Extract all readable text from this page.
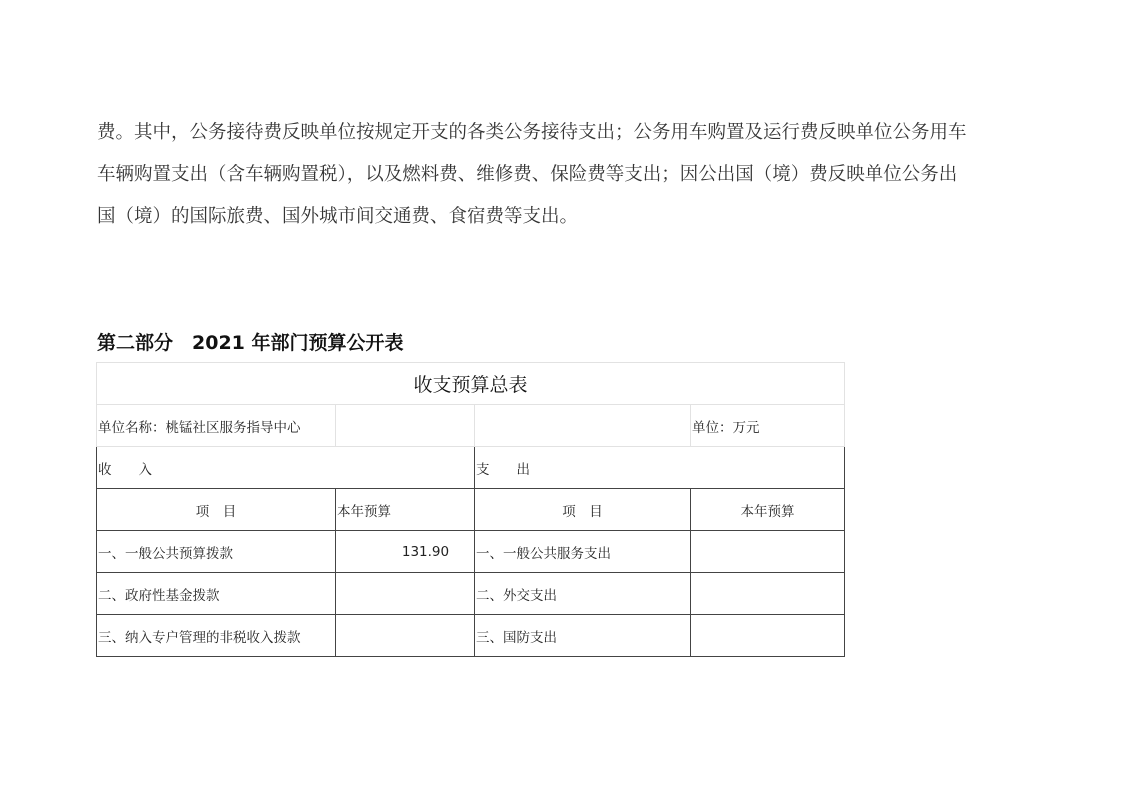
费。其中，公务接待费反映单位按规定开支的各类公务接待支出；公务用车购置及运行费反映单位公务用车

车辆购置支出（含车辆购置税），以及燃料费、维修费、保险费等支出；因公出国（境）费反映单位公务出

国（境）的国际旅费、国外城市间交通费、食宿费等支出。

第二部分　2021 年部门预算公开表
收支预算总表			
单位名称：桃锰社区服务指导中心			单位：万元
收　　入		支　　出	
项　目	本年预算	项　目	本年预算
一、一般公共预算拨款	131.90	一、一般公共服务支出	
二、政府性基金拨款		二、外交支出	
三、纳入专户管理的非税收入拨款		三、国防支出	
